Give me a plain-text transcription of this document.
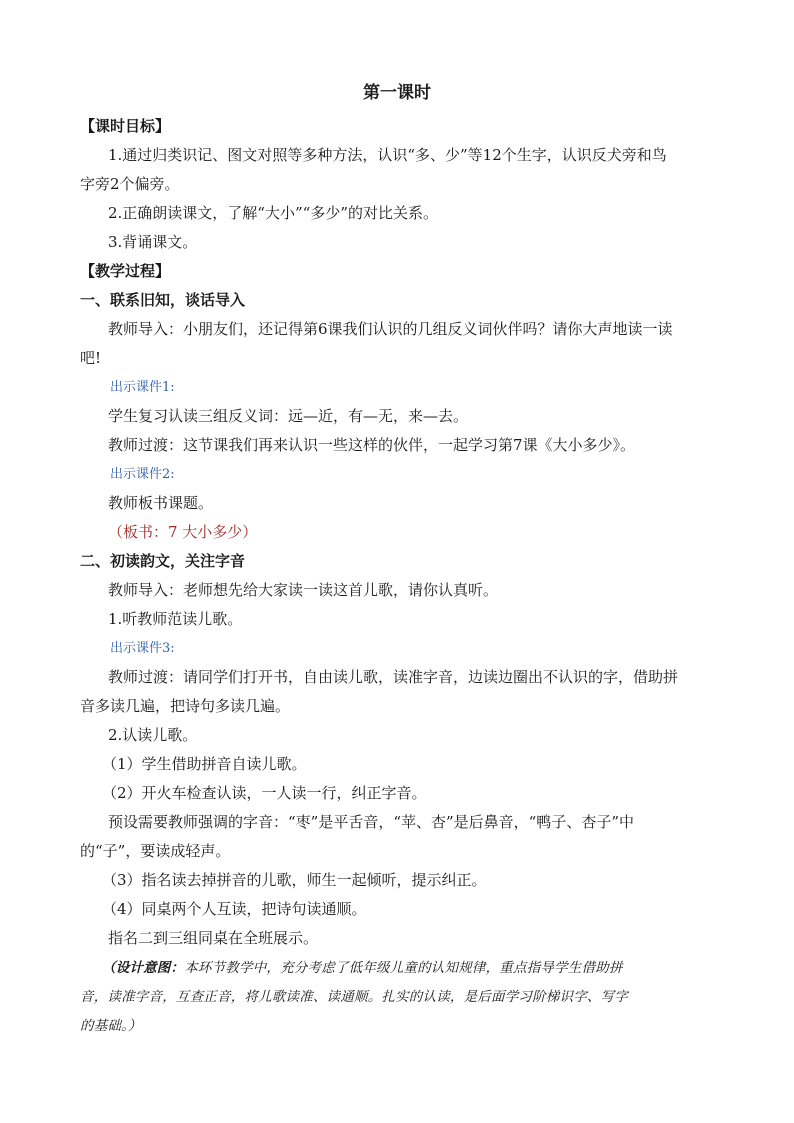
第一课时
【课时目标】
1.通过归类识记、图文对照等多种方法，认识“多、少”等12个生字，认识反犬旁和鸟
字旁2个偏旁。
2.正确朗读课文，了解“大小”“多少”的对比关系。
3.背诵课文。
【教学过程】
一、联系旧知，谈话导入
教师导入：小朋友们，还记得第6课我们认识的几组反义词伙伴吗？请你大声地读一读
吧!
出示课件1:
学生复习认读三组反义词：远—近，有—无，来—去。
教师过渡：这节课我们再来认识一些这样的伙伴，一起学习第7课《大小多少》。
出示课件2:
教师板书课题。
（板书：7 大小多少）
二、初读韵文，关注字音
教师导入：老师想先给大家读一读这首儿歌，请你认真听。
1.听教师范读儿歌。
出示课件3:
教师过渡：请同学们打开书，自由读儿歌，读准字音，边读边圈出不认识的字，借助拼
音多读几遍，把诗句多读几遍。
2.认读儿歌。
（1）学生借助拼音自读儿歌。
（2）开火车检查认读，一人读一行，纠正字音。
预设需要教师强调的字音：“枣”是平舌音，“苹、杏”是后鼻音，“鸭子、杏子”中
的“子”，要读成轻声。
（3）指名读去掉拼音的儿歌，师生一起倾听，提示纠正。
（4）同桌两个人互读，把诗句读通顺。
指名二到三组同桌在全班展示。
（设计意图：本环节教学中，充分考虑了低年级儿童的认知规律，重点指导学生借助拼
音，读准字音，互查正音，将儿歌读准、读通顺。扎实的认读，是后面学习阶梯识字、写字
的基础。）
